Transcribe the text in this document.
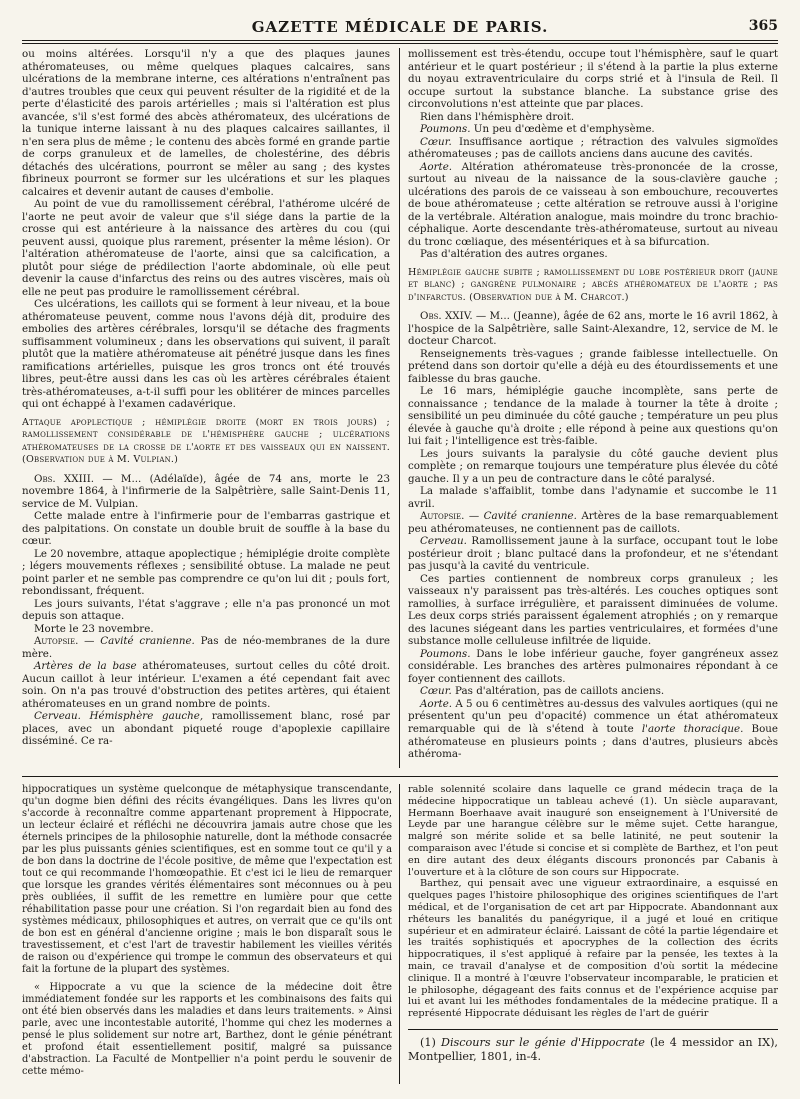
GAZETTE MÉDICALE DE PARIS.	365

ou moins altérées. Lorsqu'il n'y a que des plaques jaunes athéromateuses, ou même quelques plaques calcaires, sans ulcérations de la membrane interne, ces altérations n'entraînent pas d'autres troubles que ceux qui peuvent résulter de la rigidité et de la perte d'élasticité des parois artérielles ; mais si l'altération est plus avancée, s'il s'est formé des abcès athéromateux, des ulcérations de la tunique interne laissant à nu des plaques calcaires saillantes, il n'en sera plus de même ; le contenu des abcès formé en grande partie de corps granuleux et de lamelles, de cholestérine, des débris détachés des ulcérations, pourront se mêler au sang ; des kystes fibrineux pourront se former sur les ulcérations et sur les plaques calcaires et devenir autant de causes d'embolie.

Au point de vue du ramollissement cérébral, l'athérome ulcéré de l'aorte ne peut avoir de valeur que s'il siége dans la partie de la crosse qui est antérieure à la naissance des artères du cou (qui peuvent aussi, quoique plus rarement, présenter la même lésion). Or l'altération athéromateuse de l'aorte, ainsi que sa calcification, a plutôt pour siége de prédilection l'aorte abdominale, où elle peut devenir la cause d'infarctus des reins ou des autres viscères, mais où elle ne peut pas produire le ramollissement cérébral.

Ces ulcérations, les caillots qui se forment à leur niveau, et la boue athéromateuse peuvent, comme nous l'avons déjà dit, produire des embolies des artères cérébrales, lorsqu'il se détache des fragments suffisamment volumineux ; dans les observations qui suivent, il paraît plutôt que la matière athéromateuse ait pénétré jusque dans les fines ramifications artérielles, puisque les gros troncs ont été trouvés libres, peut-être aussi dans les cas où les artères cérébrales étaient très-athéromateuses, a-t-il suffi pour les oblitérer de minces parcelles qui ont échappé à l'examen cadavérique.

Attaque apoplectique ; hémiplégie droite (mort en trois jours) ; ramollissement considérable de l'hémisphère gauche ; ulcérations athéromateuses de la crosse de l'aorte et des vaisseaux qui en naissent. (Observation due à M. Vulpian.)

Obs. XXIII. — M... (Adélaïde), âgée de 74 ans, morte le 23 novembre 1864, à l'infirmerie de la Salpêtrière, salle Saint-Denis 11, service de M. Vulpian.

Cette malade entre à l'infirmerie pour de l'embarras gastrique et des palpitations. On constate un double bruit de souffle à la base du cœur.

Le 20 novembre, attaque apoplectique ; hémiplégie droite complète ; légers mouvements réflexes ; sensibilité obtuse. La malade ne peut point parler et ne semble pas comprendre ce qu'on lui dit ; pouls fort, rebondissant, fréquent.

Les jours suivants, l'état s'aggrave ; elle n'a pas prononcé un mot depuis son attaque.

Morte le 23 novembre.

Autopsie. — Cavité cranienne. Pas de néo-membranes de la dure mère.

Artères de la base athéromateuses, surtout celles du côté droit. Aucun caillot à leur intérieur. L'examen a été cependant fait avec soin. On n'a pas trouvé d'obstruction des petites artères, qui étaient athéromateuses en un grand nombre de points.

Cerveau. Hémisphère gauche, ramollissement blanc, rosé par places, avec un abondant piqueté rouge d'apoplexie capillaire disséminé. Ce ra-

mollissement est très-étendu, occupe tout l'hémisphère, sauf le quart antérieur et le quart postérieur ; il s'étend à la partie la plus externe du noyau extraventriculaire du corps strié et à l'insula de Reil. Il occupe surtout la substance blanche. La substance grise des circonvolutions n'est atteinte que par places.

Rien dans l'hémisphère droit.

Poumons. Un peu d'œdème et d'emphysème.

Cœur. Insuffisance aortique ; rétraction des valvules sigmoïdes athéromateuses ; pas de caillots anciens dans aucune des cavités.

Aorte. Altération athéromateuse très-prononcée de la crosse, surtout au niveau de la naissance de la sous-clavière gauche ; ulcérations des parois de ce vaisseau à son embouchure, recouvertes de boue athéromateuse ; cette altération se retrouve aussi à l'origine de la vertébrale. Altération analogue, mais moindre du tronc brachio-céphalique. Aorte descendante très-athéromateuse, surtout au niveau du tronc cœliaque, des mésentériques et à sa bifurcation.

Pas d'altération des autres organes.

Hémiplégie gauche subite ; ramollissement du lobe postérieur droit (jaune et blanc) ; gangrène pulmonaire ; abcès athéromateux de l'aorte ; pas d'infarctus. (Observation due à M. Charcot.)

Obs. XXIV. — M... (Jeanne), âgée de 62 ans, morte le 16 avril 1862, à l'hospice de la Salpêtrière, salle Saint-Alexandre, 12, service de M. le docteur Charcot.

Renseignements très-vagues ; grande faiblesse intellectuelle. On prétend dans son dortoir qu'elle a déjà eu des étourdissements et une faiblesse du bras gauche.

Le 16 mars, hémiplégie gauche incomplète, sans perte de connaissance ; tendance de la malade à tourner la tête à droite ; sensibilité un peu diminuée du côté gauche ; température un peu plus élevée à gauche qu'à droite ; elle répond à peine aux questions qu'on lui fait ; l'intelligence est très-faible.

Les jours suivants la paralysie du côté gauche devient plus complète ; on remarque toujours une température plus élevée du côté gauche. Il y a un peu de contracture dans le côté paralysé.

La malade s'affaiblit, tombe dans l'adynamie et succombe le 11 avril.

Autopsie. — Cavité cranienne. Artères de la base remarquablement peu athéromateuses, ne contiennent pas de caillots.

Cerveau. Ramollissement jaune à la surface, occupant tout le lobe postérieur droit ; blanc pultacé dans la profondeur, et ne s'étendant pas jusqu'à la cavité du ventricule.

Ces parties contiennent de nombreux corps granuleux ; les vaisseaux n'y paraissent pas très-altérés. Les couches optiques sont ramollies, à surface irrégulière, et paraissent diminuées de volume. Les deux corps striés paraissent également atrophiés ; on y remarque des lacunes siégeant dans les parties ventriculaires, et formées d'une substance molle celluleuse infiltrée de liquide.

Poumons. Dans le lobe inférieur gauche, foyer gangréneux assez considérable. Les branches des artères pulmonaires répondant à ce foyer contiennent des caillots.

Cœur. Pas d'altération, pas de caillots anciens.

Aorte. A 5 ou 6 centimètres au-dessus des valvules aortiques (qui ne présentent qu'un peu d'opacité) commence un état athéromateux remarquable qui de là s'étend à toute l'aorte thoracique. Boue athéromateuse en plusieurs points ; dans d'autres, plusieurs abcès athéroma-

hippocratiques un système quelconque de métaphysique transcendante, qu'un dogme bien défini des récits évangéliques. Dans les livres qu'on s'accorde à reconnaître comme appartenant proprement à Hippocrate, un lecteur éclairé et réfléchi ne découvrira jamais autre chose que les éternels principes de la philosophie naturelle, dont la méthode consacrée par les plus puissants génies scientifiques, est en somme tout ce qu'il y a de bon dans la doctrine de l'école positive, de même que l'expectation est tout ce qui recommande l'homœopathie. Et c'est ici le lieu de remarquer que lorsque les grandes vérités élémentaires sont méconnues ou à peu près oubliées, il suffit de les remettre en lumière pour que cette réhabilitation passe pour une création. Si l'on regardait bien au fond des systèmes médicaux, philosophiques et autres, on verrait que ce qu'ils ont de bon est en général d'ancienne origine ; mais le bon disparaît sous le travestissement, et c'est l'art de travestir habilement les vieilles vérités de raison ou d'expérience qui trompe le commun des observateurs et qui fait la fortune de la plupart des systèmes.

« Hippocrate a vu que la science de la médecine doit être immédiatement fondée sur les rapports et les combinaisons des faits qui ont été bien observés dans les maladies et dans leurs traitements. » Ainsi parle, avec une incontestable autorité, l'homme qui chez les modernes a pensé le plus solidement sur notre art, Barthez, dont le génie pénétrant et profond était essentiellement positif, malgré sa puissance d'abstraction. La Faculté de Montpellier n'a point perdu le souvenir de cette mémo-

rable solennité scolaire dans laquelle ce grand médecin traça de la médecine hippocratique un tableau achevé (1). Un siècle auparavant, Hermann Boerhaave avait inauguré son enseignement à l'Université de Leyde par une harangue célèbre sur le même sujet. Cette harangue, malgré son mérite solide et sa belle latinité, ne peut soutenir la comparaison avec l'étude si concise et si complète de Barthez, et l'on peut en dire autant des deux élégants discours prononcés par Cabanis à l'ouverture et à la clôture de son cours sur Hippocrate.

Barthez, qui pensait avec une vigueur extraordinaire, a esquissé en quelques pages l'histoire philosophique des origines scientifiques de l'art médical, et de l'organisation de cet art par Hippocrate. Abandonnant aux rhéteurs les banalités du panégyrique, il a jugé et loué en critique supérieur et en admirateur éclairé. Laissant de côté la partie légendaire et les traités sophistiqués et apocryphes de la collection des écrits hippocratiques, il s'est appliqué à refaire par la pensée, les textes à la main, ce travail d'analyse et de composition d'où sortit la médecine clinique. Il a montré à l'œuvre l'observateur incomparable, le praticien et le philosophe, dégageant des faits connus et de l'expérience acquise par lui et avant lui les méthodes fondamentales de la médecine pratique. Il a représenté Hippocrate déduisant les règles de l'art de guérir

(1) Discours sur le génie d'Hippocrate (le 4 messidor an IX), Montpellier, 1801, in-4.
